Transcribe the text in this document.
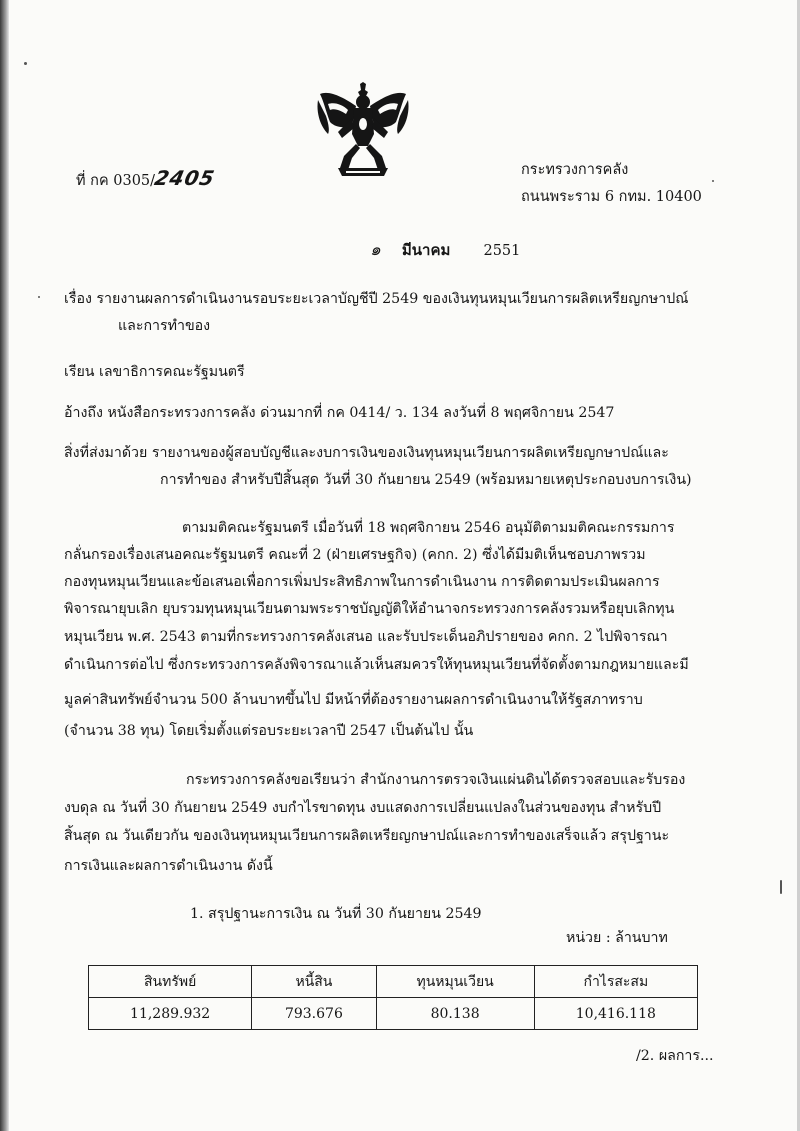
ที่ กค 0305/2405	กระทรวงการคลัง
ถนนพระราม 6 กทม. 10400
๑ มีนาคม 2551
เรื่อง รายงานผลการดำเนินงานรอบระยะเวลาบัญชีปี 2549 ของเงินทุนหมุนเวียนการผลิตเหรียญกษาปณ์
และการทำของ
เรียน เลขาธิการคณะรัฐมนตรี
อ้างถึง หนังสือกระทรวงการคลัง ด่วนมากที่ กค 0414/ ว. 134 ลงวันที่ 8 พฤศจิกายน 2547
สิ่งที่ส่งมาด้วย รายงานของผู้สอบบัญชีและงบการเงินของเงินทุนหมุนเวียนการผลิตเหรียญกษาปณ์และ
การทำของ สำหรับปีสิ้นสุด วันที่ 30 กันยายน 2549 (พร้อมหมายเหตุประกอบงบการเงิน)
ตามมติคณะรัฐมนตรี เมื่อวันที่ 18 พฤศจิกายน 2546 อนุมัติตามมติคณะกรรมการ
กลั่นกรองเรื่องเสนอคณะรัฐมนตรี คณะที่ 2 (ฝ่ายเศรษฐกิจ) (คกก. 2) ซึ่งได้มีมติเห็นชอบภาพรวม
กองทุนหมุนเวียนและข้อเสนอเพื่อการเพิ่มประสิทธิภาพในการดำเนินงาน การติดตามประเมินผลการ
พิจารณายุบเลิก ยุบรวมทุนหมุนเวียนตามพระราชบัญญัติให้อำนาจกระทรวงการคลังรวมหรือยุบเลิกทุน
หมุนเวียน พ.ศ. 2543 ตามที่กระทรวงการคลังเสนอ และรับประเด็นอภิปรายของ คกก. 2 ไปพิจารณา
ดำเนินการต่อไป ซึ่งกระทรวงการคลังพิจารณาแล้วเห็นสมควรให้ทุนหมุนเวียนที่จัดตั้งตามกฎหมายและมี
มูลค่าสินทรัพย์จำนวน 500 ล้านบาทขึ้นไป มีหน้าที่ต้องรายงานผลการดำเนินงานให้รัฐสภาทราบ
(จำนวน 38 ทุน) โดยเริ่มตั้งแต่รอบระยะเวลาปี 2547 เป็นต้นไป นั้น
กระทรวงการคลังขอเรียนว่า สำนักงานการตรวจเงินแผ่นดินได้ตรวจสอบและรับรอง
งบดุล ณ วันที่ 30 กันยายน 2549 งบกำไรขาดทุน งบแสดงการเปลี่ยนแปลงในส่วนของทุน สำหรับปี
สิ้นสุด ณ วันเดียวกัน ของเงินทุนหมุนเวียนการผลิตเหรียญกษาปณ์และการทำของเสร็จแล้ว สรุปฐานะ
การเงินและผลการดำเนินงาน ดังนี้
1. สรุปฐานะการเงิน ณ วันที่ 30 กันยายน 2549
หน่วย : ล้านบาท
สินทรัพย์	หนี้สิน	ทุนหมุนเวียน	กำไรสะสม
11,289.932	793.676	80.138	10,416.118
/2. ผลการ...
